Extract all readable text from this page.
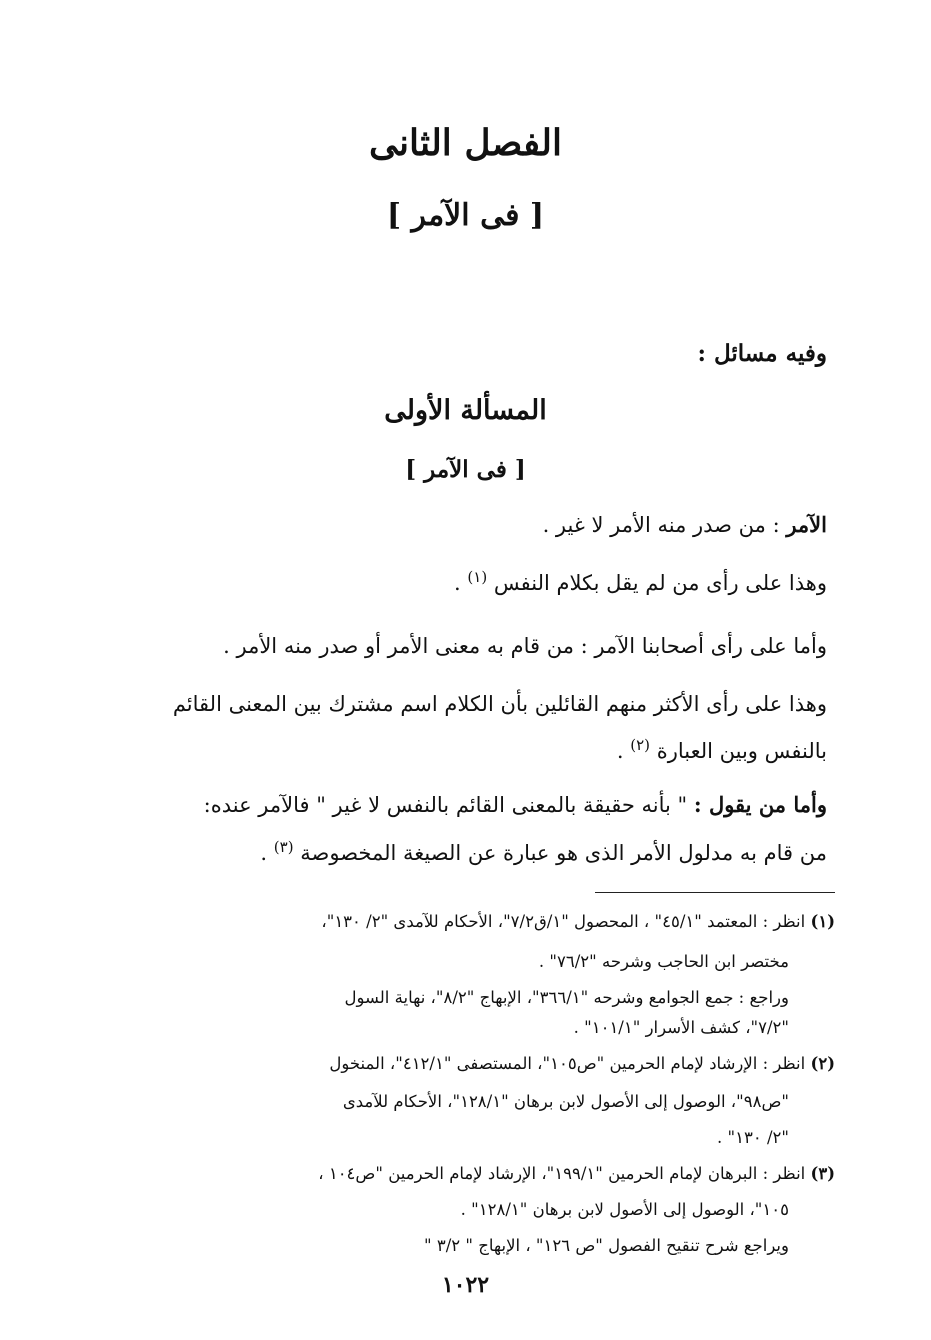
الفصل الثانى
[ فى الآمر ]
وفيه مسائل :
المسألة الأولى
[ فى الآمر ]
الآمر : من صدر منه الأمر لا غير .
وهذا على رأى من لم يقل بكلام النفس $^{(١)}$ .
وأما على رأى أصحابنا الآمر : من قام به معنى الأمر أو صدر منه الأمر .
وهذا على رأى الأكثر منهم القائلين بأن الكلام اسم مشترك بين المعنى القائم
بالنفس وبين العبارة $^{(٢)}$ .
وأما من يقول : " بأنه حقيقة بالمعنى القائم بالنفس لا غير " فالآمر عنده:
من قام به مدلول الأمر الذى هو عبارة عن الصيغة المخصوصة $^{(٣)}$ .
(١) انظر : المعتمد "٤٥/١" ، المحصول "١/ق٧/٢"، الأحكام للآمدى "٢/ ١٣٠"،
مختصر ابن الحاجب وشرحه "٧٦/٢" .
وراجع : جمع الجوامع وشرحه "٣٦٦/١"، الإبهاج "٨/٢"، نهاية السول
"٧/٢"، كشف الأسرار "١٠١/١" .
(٢) انظر : الإرشاد لإمام الحرمين "ص١٠٥"، المستصفى "٤١٢/١"، المنخول
"ص٩٨"، الوصول إلى الأصول لابن برهان "١٢٨/١"، الأحكام للآمدى
"٢/ ١٣٠" .
(٣) انظر : البرهان لإمام الحرمين "١٩٩/١"، الإرشاد لإمام الحرمين "ص١٠٤ ،
١٠٥"، الوصول إلى الأصول لابن برهان "١٢٨/١" .
ويراجع شرح تنقيح الفصول "ص ١٢٦" ، الإبهاج " ٣/٢ "
١٠٢٢
